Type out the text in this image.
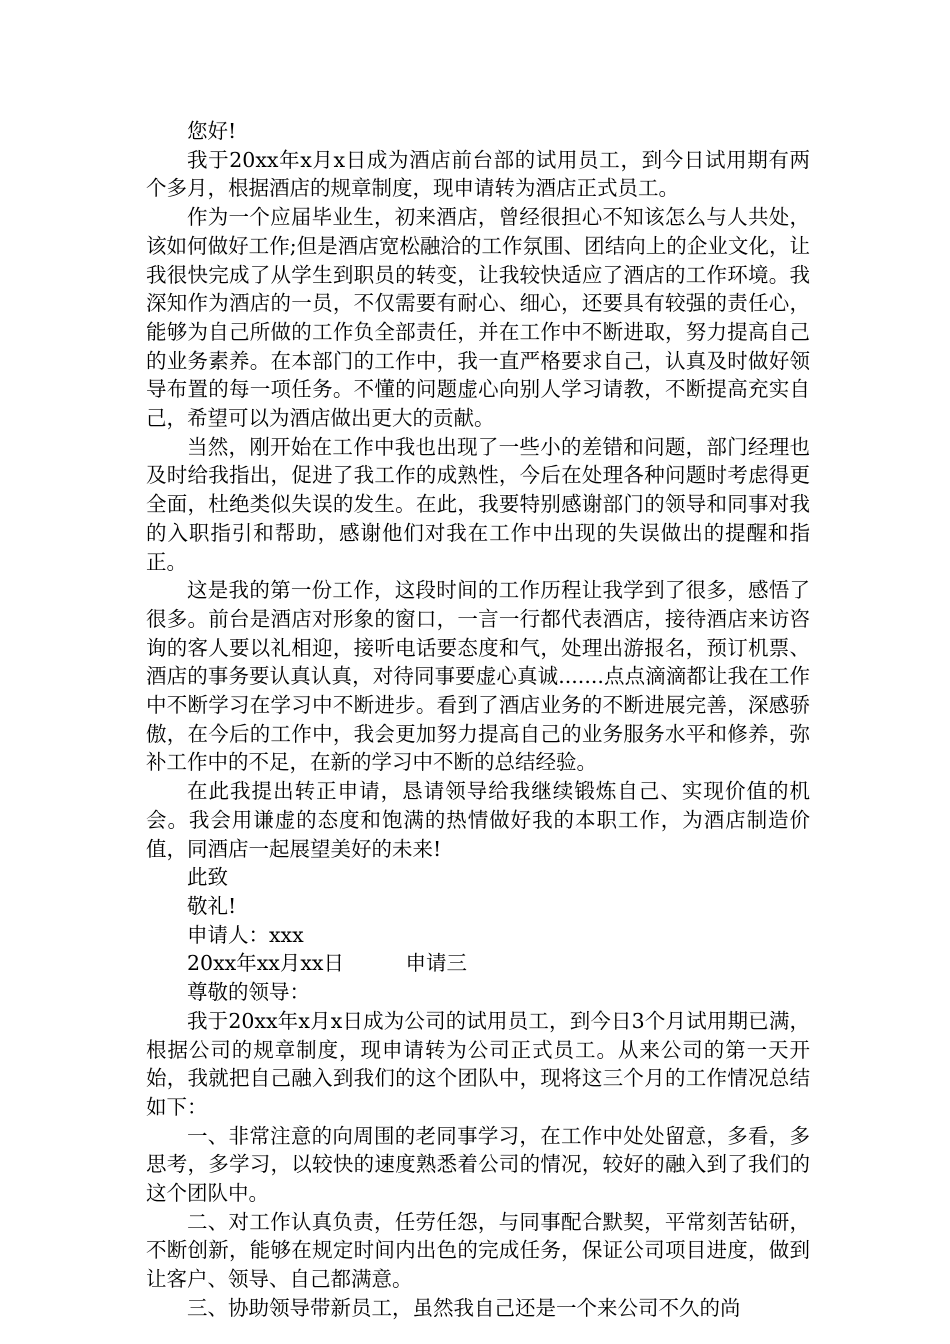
您好!

我于20xx年x月x日成为酒店前台部的试用员工，到今日试用期有两个多月，根据酒店的规章制度，现申请转为酒店正式员工。

作为一个应届毕业生，初来酒店，曾经很担心不知该怎么与人共处，该如何做好工作;但是酒店宽松融洽的工作氛围、团结向上的企业文化，让我很快完成了从学生到职员的转变，让我较快适应了酒店的工作环境。我深知作为酒店的一员，不仅需要有耐心、细心，还要具有较强的责任心，能够为自己所做的工作负全部责任，并在工作中不断进取，努力提高自己的业务素养。在本部门的工作中，我一直严格要求自己，认真及时做好领导布置的每一项任务。不懂的问题虚心向别人学习请教，不断提高充实自己，希望可以为酒店做出更大的贡献。

当然，刚开始在工作中我也出现了一些小的差错和问题，部门经理也及时给我指出，促进了我工作的成熟性，今后在处理各种问题时考虑得更全面，杜绝类似失误的发生。在此，我要特别感谢部门的领导和同事对我的入职指引和帮助，感谢他们对我在工作中出现的失误做出的提醒和指正。

这是我的第一份工作，这段时间的工作历程让我学到了很多，感悟了很多。前台是酒店对形象的窗口，一言一行都代表酒店，接待酒店来访咨询的客人要以礼相迎，接听电话要态度和气，处理出游报名，预订机票、酒店的事务要认真认真，对待同事要虚心真诚.......点点滴滴都让我在工作中不断学习在学习中不断进步。看到了酒店业务的不断进展完善，深感骄傲，在今后的工作中，我会更加努力提高自己的业务服务水平和修养，弥补工作中的不足，在新的学习中不断的总结经验。

在此我提出转正申请，恳请领导给我继续锻炼自己、实现价值的机会。我会用谦虚的态度和饱满的热情做好我的本职工作，为酒店制造价值，同酒店一起展望美好的未来!

此致

敬礼!

申请人：xxx

20xx年xx月xx日	申请三

尊敬的领导：

我于20xx年x月x日成为公司的试用员工，到今日3个月试用期已满，根据公司的规章制度，现申请转为公司正式员工。从来公司的第一天开始，我就把自己融入到我们的这个团队中，现将这三个月的工作情况总结如下：

一、非常注意的向周围的老同事学习，在工作中处处留意，多看，多思考，多学习，以较快的速度熟悉着公司的情况，较好的融入到了我们的这个团队中。

二、对工作认真负责，任劳任怨，与同事配合默契，平常刻苦钻研，不断创新，能够在规定时间内出色的完成任务，保证公司项目进度，做到让客户、领导、自己都满意。

三、协助领导带新员工，虽然我自己还是一个来公司不久的尚
